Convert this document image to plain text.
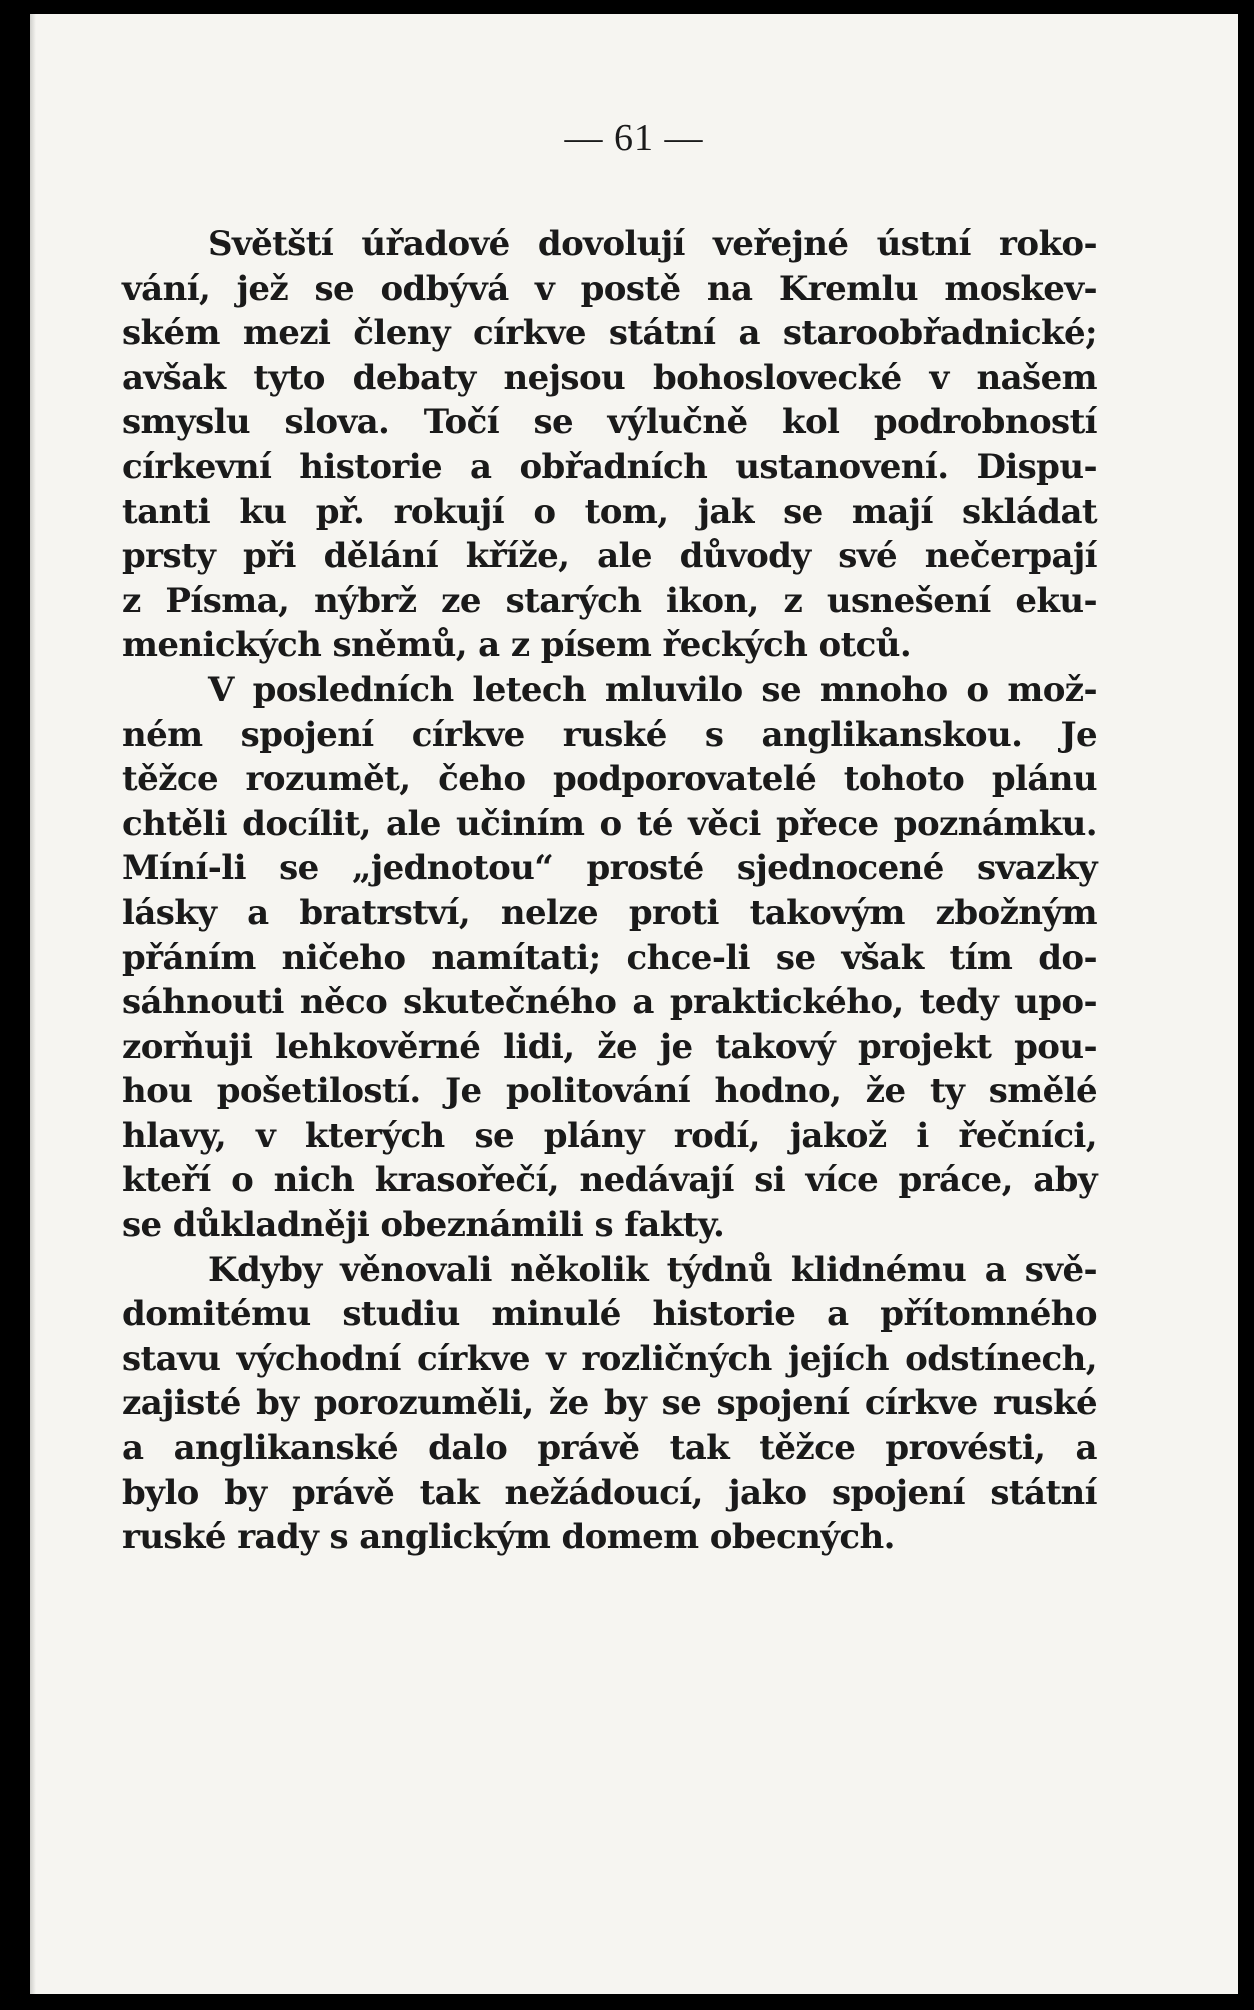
— 61 —

Světští úřadové dovolují veřejné ústní roko-
vání, jež se odbývá v postě na Kremlu moskev-
ském mezi členy církve státní a staroobřadnické;
avšak tyto debaty nejsou bohoslovecké v našem
smyslu slova. Točí se výlučně kol podrobností
církevní historie a obřadních ustanovení. Dispu-
tanti ku př. rokují o tom, jak se mají skládat
prsty při dělání kříže, ale důvody své nečerpají
z Písma, nýbrž ze starých ikon, z usnešení eku-
menických sněmů, a z písem řeckých otců.

V posledních letech mluvilo se mnoho o mož-
ném spojení církve ruské s anglikanskou. Je
těžce rozumět, čeho podporovatelé tohoto plánu
chtěli docílit, ale učiním o té věci přece poznámku.
Míní-li se „jednotou“ prosté sjednocené svazky
lásky a bratrství, nelze proti takovým zbožným
přáním ničeho namítati; chce-li se však tím do-
sáhnouti něco skutečného a praktického, tedy upo-
zorňuji lehkověrné lidi, že je takový projekt pou-
hou pošetilostí. Je politování hodno, že ty smělé
hlavy, v kterých se plány rodí, jakož i řečníci,
kteří o nich krasořečí, nedávají si více práce, aby
se důkladněji obeznámili s fakty.

Kdyby věnovali několik týdnů klidnému a svě-
domitému studiu minulé historie a přítomného
stavu východní církve v rozličných jejích odstínech,
zajisté by porozuměli, že by se spojení církve ruské
a anglikanské dalo právě tak těžce provésti, a
bylo by právě tak nežádoucí, jako spojení státní
ruské rady s anglickým domem obecných.
